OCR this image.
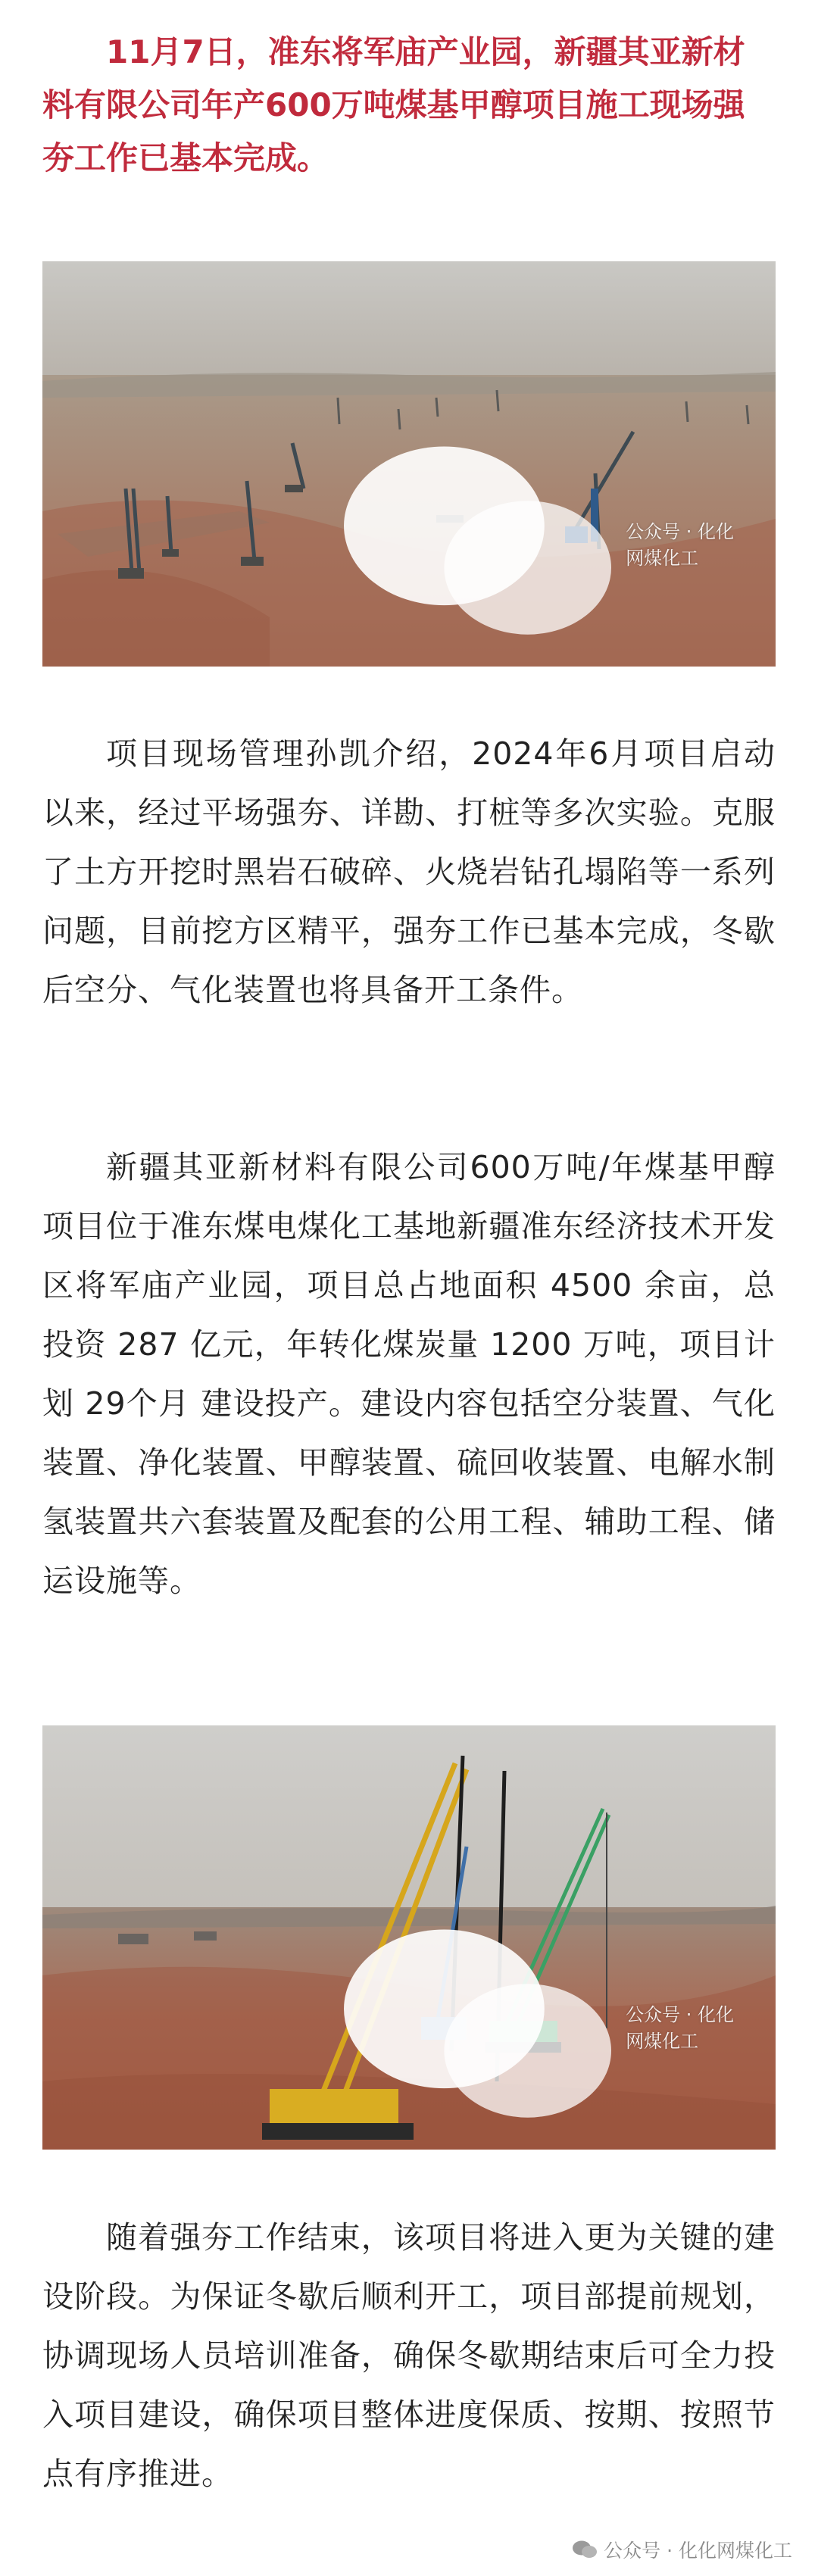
11月7日，准东将军庙产业园，新疆其亚新材料有限公司年产600万吨煤基甲醇项目施工现场强夯工作已基本完成。

公众号 · 化化网煤化工

项目现场管理孙凯介绍，2024年6月项目启动以来，经过平场强夯、详勘、打桩等多次实验。克服了土方开挖时黑岩石破碎、火烧岩钻孔塌陷等一系列问题，目前挖方区精平，强夯工作已基本完成，冬歇后空分、气化装置也将具备开工条件。

新疆其亚新材料有限公司600万吨/年煤基甲醇项目位于准东煤电煤化工基地新疆准东经济技术开发区将军庙产业园，项目总占地面积 4500 余亩，总投资 287 亿元，年转化煤炭量 1200 万吨，项目计划 29个月 建设投产。建设内容包括空分装置、气化装置、净化装置、甲醇装置、硫回收装置、电解水制氢装置共六套装置及配套的公用工程、辅助工程、储运设施等。

公众号 · 化化网煤化工

随着强夯工作结束，该项目将进入更为关键的建设阶段。为保证冬歇后顺利开工，项目部提前规划，协调现场人员培训准备，确保冬歇期结束后可全力投入项目建设，确保项目整体进度保质、按期、按照节点有序推进。

公众号 · 化化网煤化工
